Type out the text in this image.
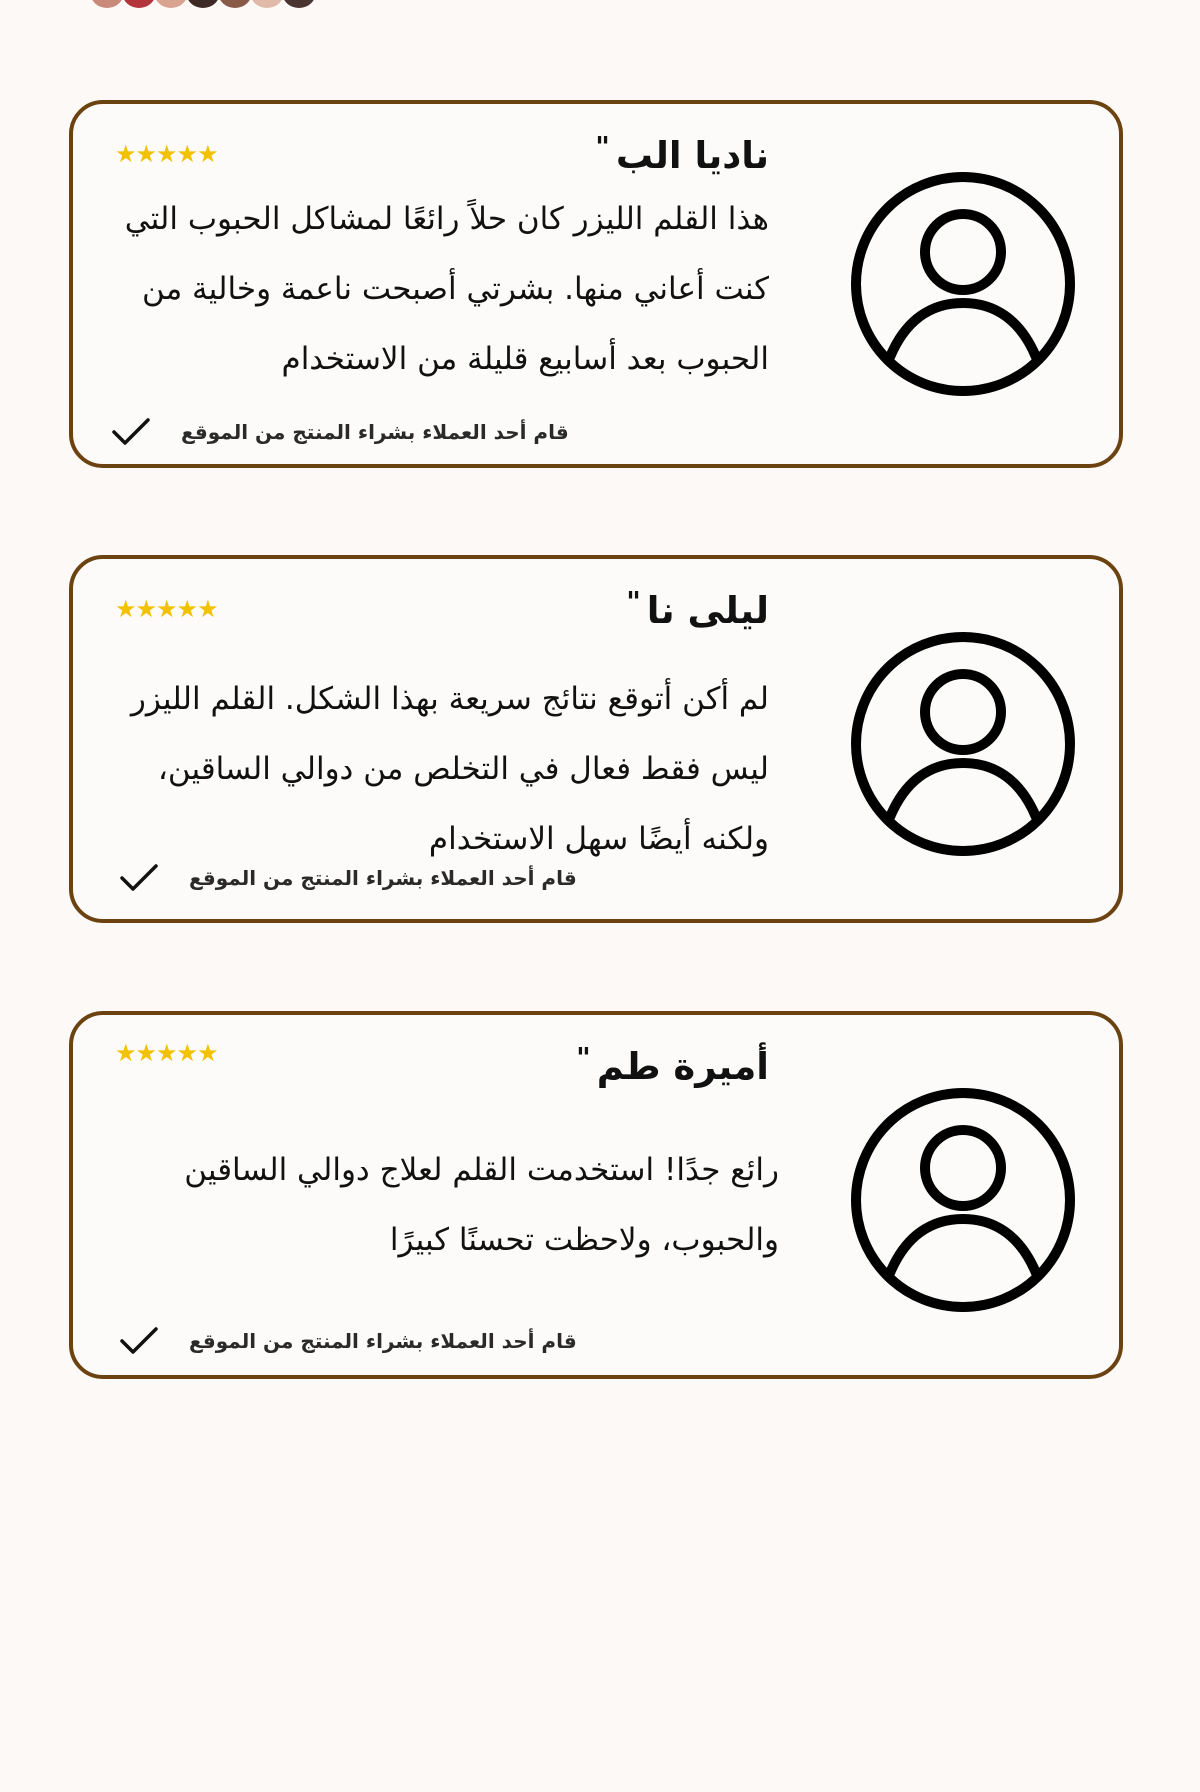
ناديا الب"
★ ★ ★ ★ ★

هذا القلم الليزر كان حلاً رائعًا لمشاكل الحبوب التي كنت أعاني منها. بشرتي أصبحت ناعمة وخالية من الحبوب بعد أسابيع قليلة من الاستخدام

قام أحد العملاء بشراء المنتج من الموقع
ليلى نا"
★ ★ ★ ★ ★

لم أكن أتوقع نتائج سريعة بهذا الشكل. القلم الليزر ليس فقط فعال في التخلص من دوالي الساقين، ولكنه أيضًا سهل الاستخدام

قام أحد العملاء بشراء المنتج من الموقع
أميرة طم"
★ ★ ★ ★ ★

رائع جدًا! استخدمت القلم لعلاج دوالي الساقين والحبوب، ولاحظت تحسنًا كبيرًا

قام أحد العملاء بشراء المنتج من الموقع
